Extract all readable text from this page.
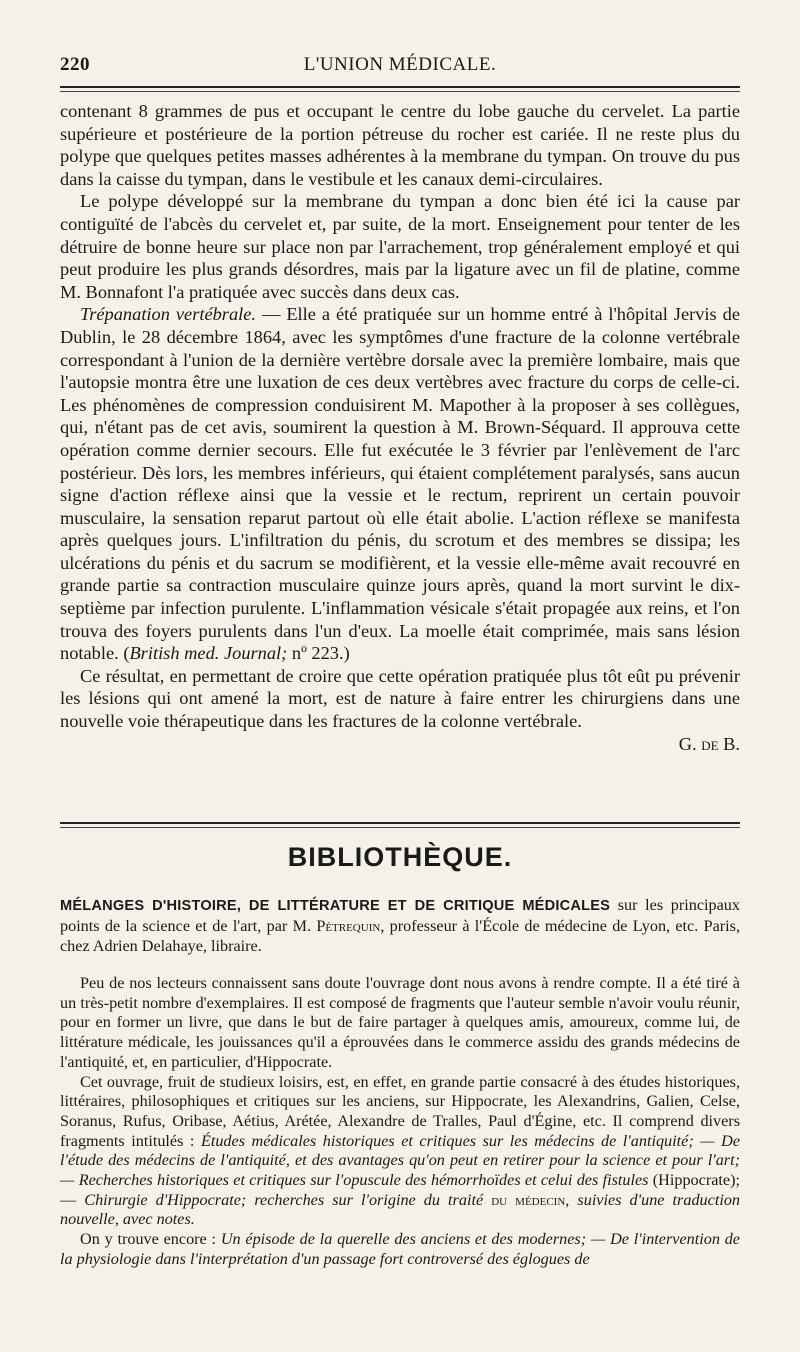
220	L'UNION MÉDICALE.

contenant 8 grammes de pus et occupant le centre du lobe gauche du cervelet. La partie supérieure et postérieure de la portion pétreuse du rocher est cariée. Il ne reste plus du polype que quelques petites masses adhérentes à la membrane du tympan. On trouve du pus dans la caisse du tympan, dans le vestibule et les canaux demi-circulaires.

Le polype développé sur la membrane du tympan a donc bien été ici la cause par contiguïté de l'abcès du cervelet et, par suite, de la mort. Enseignement pour tenter de les détruire de bonne heure sur place non par l'arrachement, trop généralement employé et qui peut produire les plus grands désordres, mais par la ligature avec un fil de platine, comme M. Bonnafont l'a pratiquée avec succès dans deux cas.

Trépanation vertébrale. — Elle a été pratiquée sur un homme entré à l'hôpital Jervis de Dublin, le 28 décembre 1864, avec les symptômes d'une fracture de la colonne vertébrale correspondant à l'union de la dernière vertèbre dorsale avec la première lombaire, mais que l'autopsie montra être une luxation de ces deux vertèbres avec fracture du corps de celle-ci. Les phénomènes de compression conduisirent M. Mapother à la proposer à ses collègues, qui, n'étant pas de cet avis, soumirent la question à M. Brown-Séquard. Il approuva cette opération comme dernier secours. Elle fut exécutée le 3 février par l'enlèvement de l'arc postérieur. Dès lors, les membres inférieurs, qui étaient complétement paralysés, sans aucun signe d'action réflexe ainsi que la vessie et le rectum, reprirent un certain pouvoir musculaire, la sensation reparut partout où elle était abolie. L'action réflexe se manifesta après quelques jours. L'infiltration du pénis, du scrotum et des membres se dissipa; les ulcérations du pénis et du sacrum se modifièrent, et la vessie elle-même avait recouvré en grande partie sa contraction musculaire quinze jours après, quand la mort survint le dix-septième par infection purulente. L'inflammation vésicale s'était propagée aux reins, et l'on trouva des foyers purulents dans l'un d'eux. La moelle était comprimée, mais sans lésion notable. (British med. Journal; nº 223.)

Ce résultat, en permettant de croire que cette opération pratiquée plus tôt eût pu prévenir les lésions qui ont amené la mort, est de nature à faire entrer les chirurgiens dans une nouvelle voie thérapeutique dans les fractures de la colonne vertébrale.

G. de B.

BIBLIOTHÈQUE.
MÉLANGES D'HISTOIRE, DE LITTÉRATURE ET DE CRITIQUE MÉDICALES sur les principaux points de la science et de l'art, par M. Pétrequin, professeur à l'École de médecine de Lyon, etc. Paris, chez Adrien Delahaye, libraire.

Peu de nos lecteurs connaissent sans doute l'ouvrage dont nous avons à rendre compte. Il a été tiré à un très-petit nombre d'exemplaires. Il est composé de fragments que l'auteur semble n'avoir voulu réunir, pour en former un livre, que dans le but de faire partager à quelques amis, amoureux, comme lui, de littérature médicale, les jouissances qu'il a éprouvées dans le commerce assidu des grands médecins de l'antiquité, et, en particulier, d'Hippocrate.

Cet ouvrage, fruit de studieux loisirs, est, en effet, en grande partie consacré à des études historiques, littéraires, philosophiques et critiques sur les anciens, sur Hippocrate, les Alexandrins, Galien, Celse, Soranus, Rufus, Oribase, Aétius, Arétée, Alexandre de Tralles, Paul d'Égine, etc. Il comprend divers fragments intitulés : Études médicales historiques et critiques sur les médecins de l'antiquité; — De l'étude des médecins de l'antiquité, et des avantages qu'on peut en retirer pour la science et pour l'art; — Recherches historiques et critiques sur l'opuscule des hémorrhoïdes et celui des fistules (Hippocrate); — Chirurgie d'Hippocrate; recherches sur l'origine du traité du médecin, suivies d'une traduction nouvelle, avec notes.

On y trouve encore : Un épisode de la querelle des anciens et des modernes; — De l'intervention de la physiologie dans l'interprétation d'un passage fort controversé des églogues de
